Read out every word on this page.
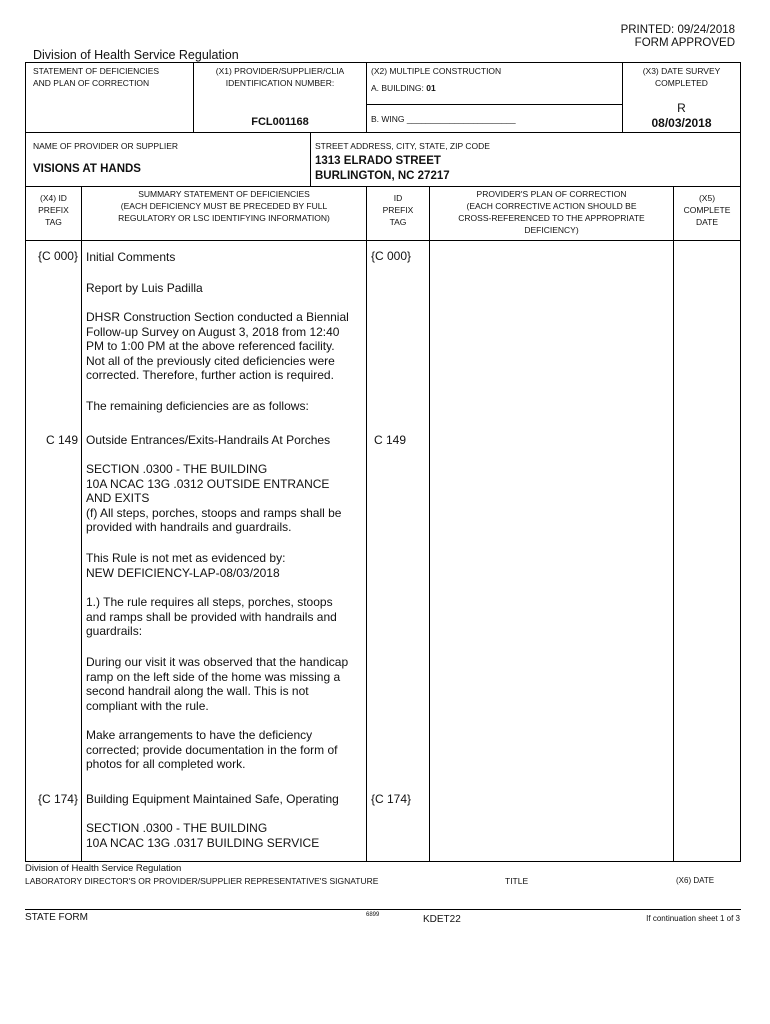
PRINTED: 09/24/2018
FORM APPROVED
Division of Health Service Regulation
STATEMENT OF DEFICIENCIES
AND PLAN OF CORRECTION
(X1) PROVIDER/SUPPLIER/CLIA
IDENTIFICATION NUMBER:
FCL001168
(X2) MULTIPLE CONSTRUCTION
A. BUILDING: 01
B. WING _______________________
(X3) DATE SURVEY
COMPLETED
R
08/03/2018
NAME OF PROVIDER OR SUPPLIER
VISIONS AT HANDS
STREET ADDRESS, CITY, STATE, ZIP CODE
1313 ELRADO STREET
BURLINGTON, NC 27217
(X4) ID
PREFIX
TAG
SUMMARY STATEMENT OF DEFICIENCIES
(EACH DEFICIENCY MUST BE PRECEDED BY FULL
REGULATORY OR LSC IDENTIFYING INFORMATION)
ID
PREFIX
TAG
PROVIDER'S PLAN OF CORRECTION
(EACH CORRECTIVE ACTION SHOULD BE
CROSS-REFERENCED TO THE APPROPRIATE
DEFICIENCY)
(X5)
COMPLETE
DATE
{C 000} Initial Comments	{C 000}
Report by Luis Padilla
DHSR Construction Section conducted a Biennial
Follow-up Survey on August 3, 2018 from 12:40
PM to 1:00 PM at the above referenced facility.
Not all of the previously cited deficiencies were
corrected. Therefore, further action is required.
The remaining deficiencies are as follows:
C 149 Outside Entrances/Exits-Handrails At Porches	C 149
SECTION .0300 - THE BUILDING
10A NCAC 13G .0312 OUTSIDE ENTRANCE
AND EXITS
(f) All steps, porches, stoops and ramps shall be
provided with handrails and guardrails.
This Rule is not met as evidenced by:
NEW DEFICIENCY-LAP-08/03/2018
1.) The rule requires all steps, porches, stoops
and ramps shall be provided with handrails and
guardrails:
During our visit it was observed that the handicap
ramp on the left side of the home was missing a
second handrail along the wall. This is not
compliant with the rule.
Make arrangements to have the deficiency
corrected; provide documentation in the form of
photos for all completed work.
{C 174} Building Equipment Maintained Safe, Operating	{C 174}
SECTION .0300 - THE BUILDING
10A NCAC 13G .0317 BUILDING SERVICE
Division of Health Service Regulation
LABORATORY DIRECTOR'S OR PROVIDER/SUPPLIER REPRESENTATIVE'S SIGNATURE	TITLE	(X6) DATE
STATE FORM	6899	KDET22	If continuation sheet 1 of 3
